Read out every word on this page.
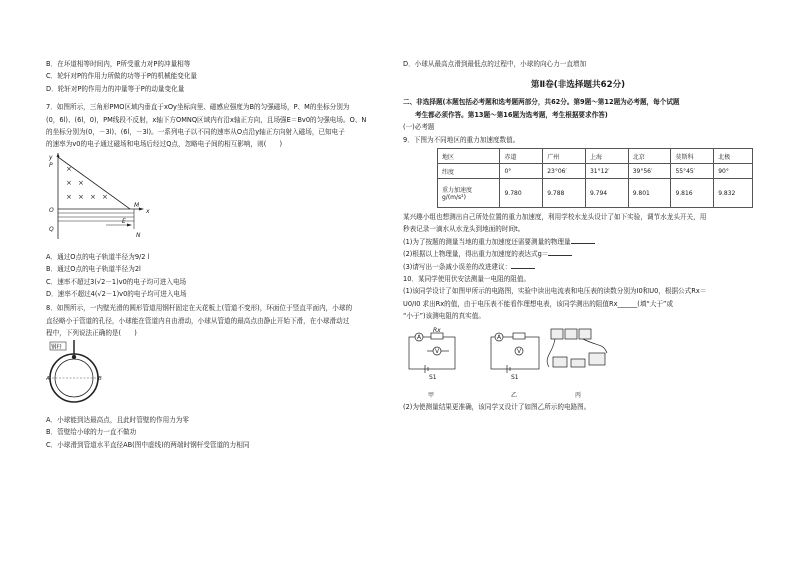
B．在坏道相等时间内，P所受重力对P的冲量相等
C．轮轩对P的作用力所做的功等于P的机械能变化量
D．轮轩对P的作用力的冲量等于P的动量变化量
7．如图所示，三角形PMO区域内垂直于xOy坐标向里、磁感应强度为B的匀强磁场，P、M的坐标分别为
(0，6l)、(6l，0)，PM线段不反射，x轴下方OMNQ区域内有沿x轴正方向，且场强E＝Bv0的匀强电场。O、N
的坐标分别为(0，－3l)、(6l，－3l)。一系列电子以不同的速率从O点沿y轴正方向射入磁场，已知电子
的速率为v0的电子通过磁场和电场后经过Q点，忽略电子间的相互影响，则(　　)
×
× ×
× × × ×
y
P
O
Q
M
N
x
E
A．通过O点的电子轨道半径为9/2 l
B．通过O点的电子轨道半径为2l
C．速率不超过3(√2－1)v0的电子均可进入电场
D．速率不超过4(√2－1)v0的电子均可进入电场
8．如图所示，一内壁光滑的圆形管道用钢杆固定在天花板上(管道不变形)，环面位于竖直平面内，小球的
直径略小于管道的孔径，小球能在管道内自由滑动，小球从管道的最高点由静止开始下滑，在小球滑动过
程中，下列说法正确的是(　　)
钢杆
A	B
A．小球能到达最高点，且此时管壁的作用力为零
B．管壁给小球的力一直不做功
C．小球滑到管道水平直径AB(图中虚线)的两端时钢杆受管道的力相同
D．小球从最高点滑到最低点的过程中，小球的向心力一直增加
第Ⅱ卷(非选择题共62分)
二、非选择题(本题包括必考题和选考题两部分，共62分。第9题～第12题为必考题，每个试题
考生都必须作答。第13题～第16题为选考题，考生根据要求作答)
(一)必考题
9．下图为不同地区的重力加速度数值。
地区	赤道	广州	上海	北京	莫斯科	北极
纬度	0°	23°06′	31°12′	39°56′	55°45′	90°
重力加速度 g/(m/s²)	9.780	9.788	9.794	9.801	9.816	9.832
某兴趣小组也想测出自己所处位置的重力加速度，利用学校水龙头设计了如下实验，调节水龙头开关，用
秒表记录一滴水从水龙头到地面的时间t。
(1)为了按题的测量当地的重力加速度还需要测量的物理量
(2)根据以上物理量，得出重力加速度的表达式g＝
(3)请写出一条减小误差的改进建议：
10．某同学使用伏安法测量一电阻的阻值。
(1)该同学设计了如图甲所示的电路图，实验中读出电流表和电压表的读数分别为I0和U0，根据公式Rx＝
U0/I0 求出Rx的值，由于电压表不能看作理想电表，该同学测出的阻值Rx______(填“大于”或
“小于”)该测电阻的真实值。
A
V
Rx
S1
A
V
S1
甲	乙	丙
(2)为使测量结果更准确，该同学又设计了如图乙所示的电路图。
